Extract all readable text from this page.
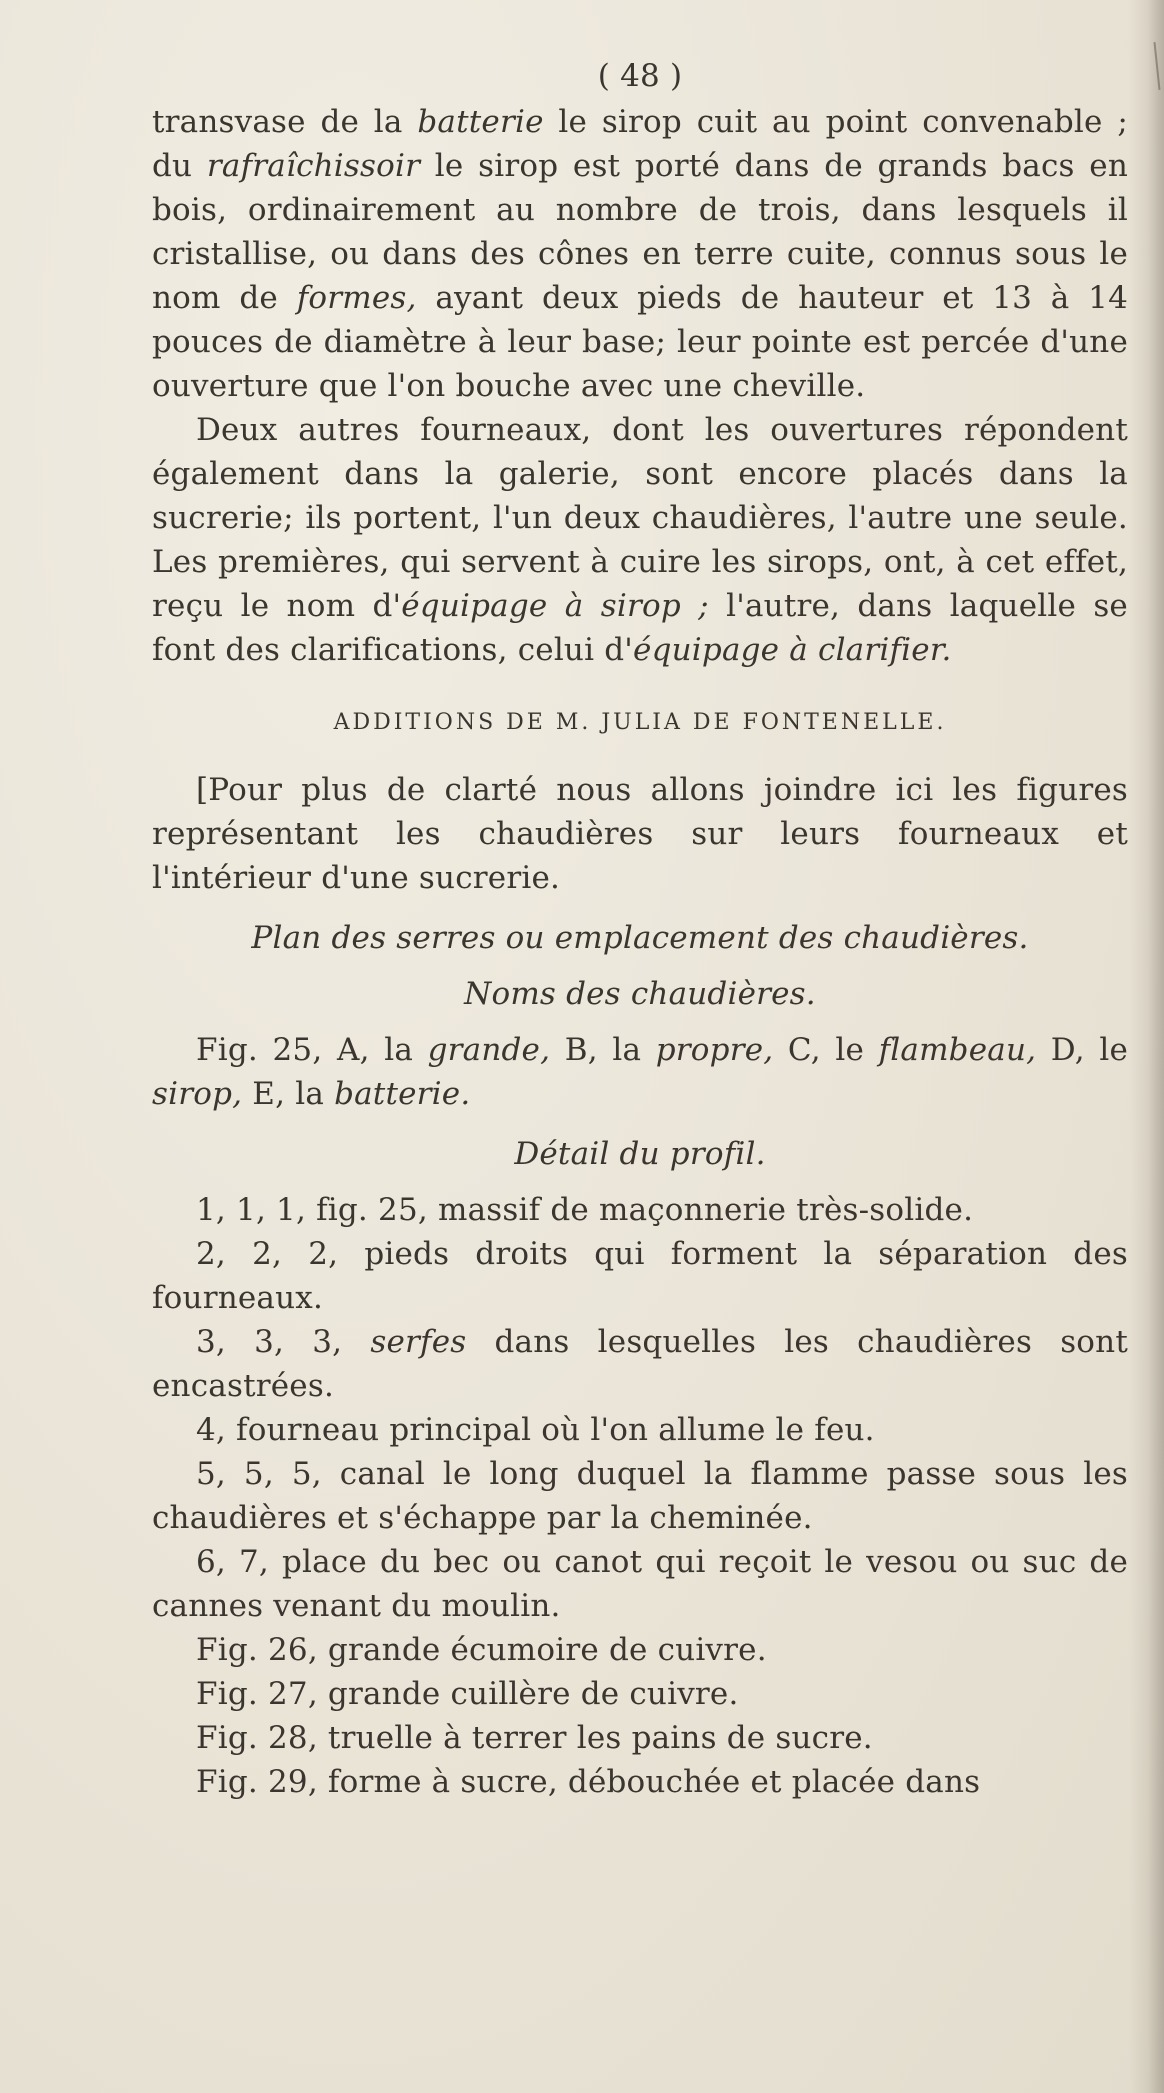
( 48 )

transvase de la batterie le sirop cuit au point convenable ; du rafraîchissoir le sirop est porté dans de grands bacs en bois, ordinairement au nombre de trois, dans lesquels il cristallise, ou dans des cônes en terre cuite, connus sous le nom de formes, ayant deux pieds de hauteur et 13 à 14 pouces de diamètre à leur base; leur pointe est percée d'une ouverture que l'on bouche avec une cheville.

Deux autres fourneaux, dont les ouvertures répondent également dans la galerie, sont encore placés dans la sucrerie; ils portent, l'un deux chaudières, l'autre une seule. Les premières, qui servent à cuire les sirops, ont, à cet effet, reçu le nom d'équipage à sirop ; l'autre, dans laquelle se font des clarifications, celui d'équipage à clarifier.

ADDITIONS DE M. JULIA DE FONTENELLE.

[Pour plus de clarté nous allons joindre ici les figures représentant les chaudières sur leurs fourneaux et l'intérieur d'une sucrerie.

Plan des serres ou emplacement des chaudières.
Noms des chaudières.

Fig. 25, A, la grande, B, la propre, C, le flambeau, D, le sirop, E, la batterie.

Détail du profil.

1, 1, 1, fig. 25, massif de maçonnerie très-solide.

2, 2, 2, pieds droits qui forment la séparation des fourneaux.

3, 3, 3, serfes dans lesquelles les chaudières sont encastrées.

4, fourneau principal où l'on allume le feu.

5, 5, 5, canal le long duquel la flamme passe sous les chaudières et s'échappe par la cheminée.

6, 7, place du bec ou canot qui reçoit le vesou ou suc de cannes venant du moulin.

Fig. 26, grande écumoire de cuivre.

Fig. 27, grande cuillère de cuivre.

Fig. 28, truelle à terrer les pains de sucre.

Fig. 29, forme à sucre, débouchée et placée dans
